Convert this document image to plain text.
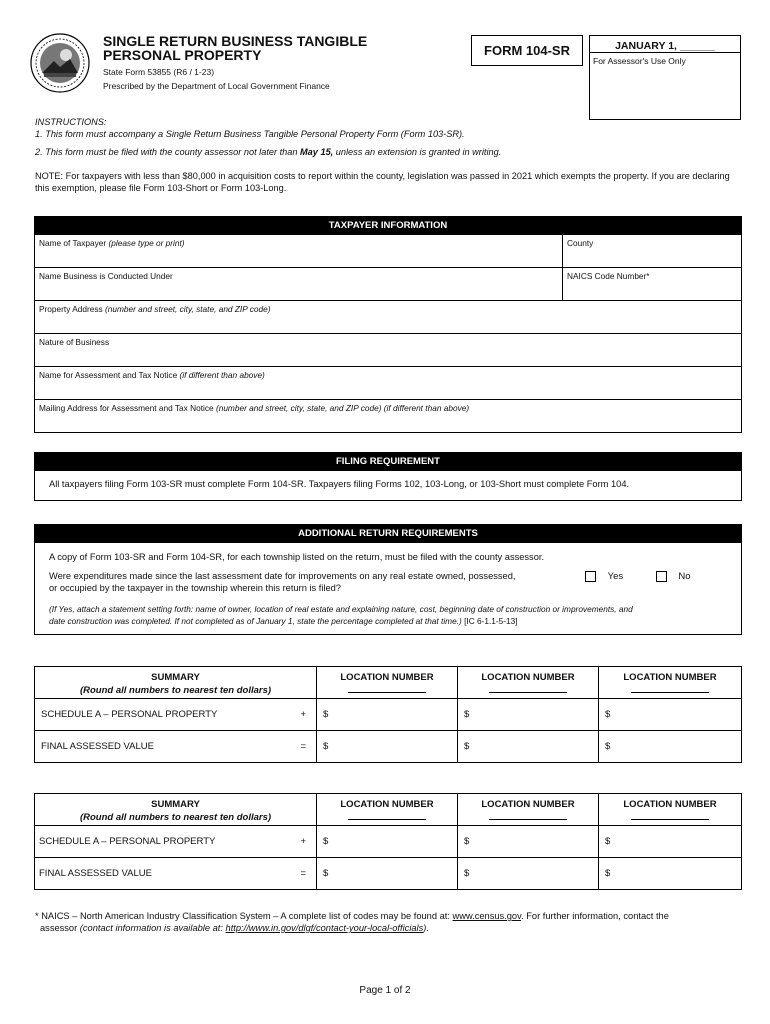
SINGLE RETURN BUSINESS TANGIBLE
PERSONAL PROPERTY
State Form 53855 (R6 / 1-23)
Prescribed by the Department of Local Government Finance
FORM 104-SR	JANUARY 1, ______
For Assessor's Use Only
INSTRUCTIONS:
1. This form must accompany a Single Return Business Tangible Personal Property Form (Form 103-SR).
2. This form must be filed with the county assessor not later than May 15, unless an extension is granted in writing.
NOTE: For taxpayers with less than $80,000 in acquisition costs to report within the county, legislation was passed in 2021 which exempts the property. If you are declaring this exemption, please file Form 103-Short or Form 103-Long.
TAXPAYER INFORMATION
Name of Taxpayer (please type or print)	County
Name Business is Conducted Under	NAICS Code Number*
Property Address (number and street, city, state, and ZIP code)
Nature of Business
Name for Assessment and Tax Notice (if different than above)
Mailing Address for Assessment and Tax Notice (number and street, city, state, and ZIP code) (if different than above)
FILING REQUIREMENT
All taxpayers filing Form 103-SR must complete Form 104-SR. Taxpayers filing Forms 102, 103-Long, or 103-Short must complete Form 104.
ADDITIONAL RETURN REQUIREMENTS
A copy of Form 103-SR and Form 104-SR, for each township listed on the return, must be filed with the county assessor.
Were expenditures made since the last assessment date for improvements on any real estate owned, possessed,
or occupied by the taxpayer in the township wherein this return is filed?
Yes	No
(If Yes, attach a statement setting forth: name of owner, location of real estate and explaining nature, cost, beginning date of construction or improvements, and
date construction was completed. If not completed as of January 1, state the percentage completed at that time.) [IC 6-1.1-5-13]
SUMMARY
(Round all numbers to nearest ten dollars)		LOCATION NUMBER	LOCATION NUMBER	LOCATION NUMBER

SCHEDULE A – PERSONAL PROPERTY	+	$	$	$
FINAL ASSESSED VALUE	=	$	$	$
SUMMARY
(Round all numbers to nearest ten dollars)		LOCATION NUMBER	LOCATION NUMBER	LOCATION NUMBER

SCHEDULE A – PERSONAL PROPERTY	+	$	$	$
FINAL ASSESSED VALUE	=	$	$	$
* NAICS – North American Industry Classification System – A complete list of codes may be found at: www.census.gov. For further information, contact the
assessor (contact information is available at: http://www.in.gov/dlgf/contact-your-local-officials).
Page 1 of 2
